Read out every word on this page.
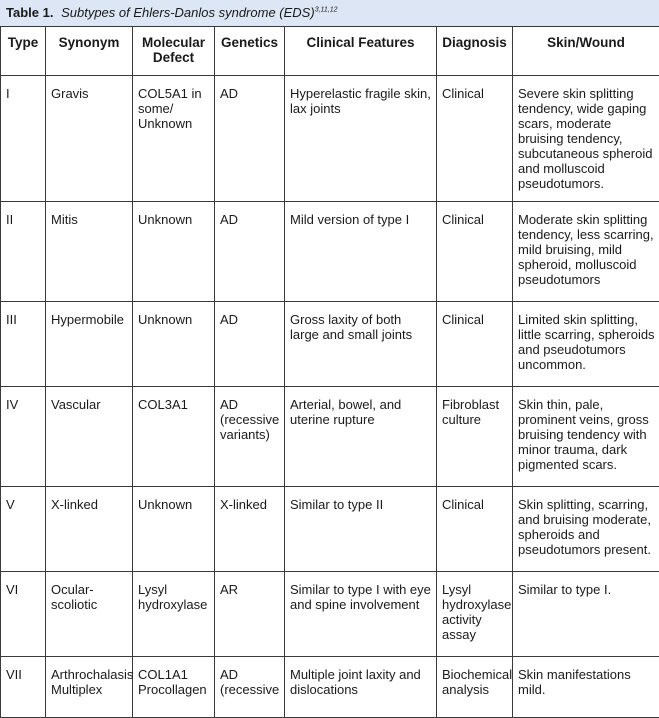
Table 1. Subtypes of Ehlers-Danlos syndrome (EDS)$^{3,11,12}$
Type	Synonym	Molecular Defect	Genetics	Clinical Features	Diagnosis	Skin/Wound
I	Gravis	COL5A1 in some/ Unknown	AD	Hyperelastic fragile skin, lax joints	Clinical	Severe skin splitting tendency, wide gaping scars, moderate bruising tendency, subcutaneous spheroid and molluscoid pseudotumors.
II	Mitis	Unknown	AD	Mild version of type I	Clinical	Moderate skin splitting tendency, less scarring, mild bruising, mild spheroid, molluscoid pseudotumors
III	Hypermobile	Unknown	AD	Gross laxity of both large and small joints	Clinical	Limited skin splitting, little scarring, spheroids and pseudotumors uncommon.
IV	Vascular	COL3A1	AD (recessive variants)	Arterial, bowel, and uterine rupture	Fibroblast culture	Skin thin, pale, prominent veins, gross bruising tendency with minor trauma, dark pigmented scars.
V	X-linked	Unknown	X-linked	Similar to type II	Clinical	Skin splitting, scarring, and bruising moderate, spheroids and pseudotumors present.
VI	Ocular-scoliotic	Lysyl hydroxylase	AR	Similar to type I with eye and spine involvement	Lysyl hydroxylase activity assay	Similar to type I.
VII	Arthrochalasis Multiplex	COL1A1 Procollagen	AD (recessive	Multiple joint laxity and dislocations	Biochemical analysis	Skin manifestations mild.
